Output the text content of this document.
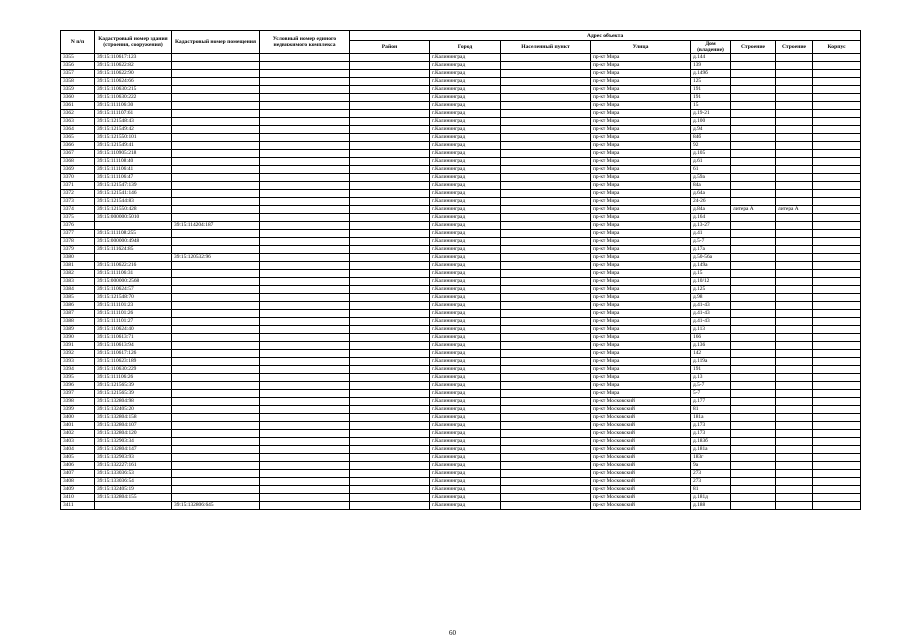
N п/п	Кадастровый номер здания (строения, сооружения)	Кадастровый номер помещения	Условный номер единого недвижимого комплекса	Адрес объекта							
				Район	Город	Населенный пункт	Улица	Дом (владение)	Строение	Строение	Корпус
3355	39:15:110617:123				г.Калининград		пр-кт Мира	д.144			
3356	39:15:110622:82				г.Калининград		пр-кт Мира	139			
3357	39:15:110622:90				г.Калининград		пр-кт Мира	д.149б			
3358	39:15:110624:66				г.Калининград		пр-кт Мира	125			
3359	39:15:110630:215				г.Калининград		пр-кт Мира	191			
3360	39:15:110630:222				г.Калининград		пр-кт Мира	191			
3361	39:15:111106:30				г.Калининград		пр-кт Мира	15			
3362	39:15:111107:61				г.Калининград		пр-кт Мира	д.19-21			
3363	39:15:121548:43				г.Калининград		пр-кт Мира	д.100			
3364	39:15:121549:42				г.Калининград		пр-кт Мира	д.94			
3365	39:15:121550:101				г.Калининград		пр-кт Мира	84б			
3366	39:15:121549:41				г.Калининград		пр-кт Мира	92			
3367	39:15:110905:218				г.Калининград		пр-кт Мира	д.105			
3368	39:15:111108:40				г.Калининград		пр-кт Мира	д.61			
3369	39:15:111106:41				г.Калининград		пр-кт Мира	61			
3370	39:15:111106:47				г.Калининград		пр-кт Мира	д.59а			
3371	39:15:121547:139				г.Калининград		пр-кт Мира	84а			
3372	39:15:121541:146				г.Калининград		пр-кт Мира	д.64а			
3373	39:15:121544:83				г.Калининград		пр-кт Мира	24-26			
3374	39:15:121550:428				г.Калининград		пр-кт Мира	д.84а	литера А	литера А	
3375	39:15:000000:5010				г.Калининград		пр-кт Мира	д.164			
3376		39:15:114204:187			г.Калининград		пр-кт Мира	д.13-27			
3377	39:15:111108:255				г.Калининград		пр-кт Мира	д.41			
3378	39:15:000000:4948				г.Калининград		пр-кт Мира	д.5-7			
3379	39:15:111624:85				г.Калининград		пр-кт Мира	д.17а			
3380		39:15:120532:96			г.Калининград		пр-кт Мира	д.50-56а			
3381	39:15:110622:216				г.Калининград		пр-кт Мира	д.149а			
3382	39:15:111106:31				г.Калининград		пр-кт Мира	д.15			
3383	39:15:000000:2568				г.Калининград		пр-кт Мира	д.10/12			
3384	39:15:110624:57				г.Калининград		пр-кт Мира	д.125			
3385	39:15:121548:70				г.Калининград		пр-кт Мира	д.98			
3386	39:15:111101:23				г.Калининград		пр-кт Мира	д.41-43			
3387	39:15:111101:26				г.Калининград		пр-кт Мира	д.41-43			
3388	39:15:111101:27				г.Калининград		пр-кт Мира	д.41-43			
3389	39:15:110624:40				г.Калининград		пр-кт Мира	д.113			
3390	39:15:110613:71				г.Калининград		пр-кт Мира	166			
3391	39:15:110613:94				г.Калининград		пр-кт Мира	д.136			
3392	39:15:110617:126				г.Калининград		пр-кт Мира	142			
3393	39:15:110623:189				г.Калининград		пр-кт Мира	д.119а			
3394	39:15:110630:229				г.Калининград		пр-кт Мира	191			
3395	39:15:111106:26				г.Калининград		пр-кт Мира	д.13			
3396	39:15:121565:39				г.Калининград		пр-кт Мира	д.5-7			
3397	39:15:121565:39				г.Калининград		пр-кт Мира	5-7			
3398	39:15:132804:98				г.Калининград		пр-кт Московский	д.177			
3399	39:15:132405:20				г.Калининград		пр-кт Московский	81			
3400	39:15:132804:158				г.Калининград		пр-кт Московский	181а			
3401	39:15:132804:107				г.Калининград		пр-кт Московский	д.173			
3402	39:15:132804:120				г.Калининград		пр-кт Московский	д.173			
3403	39:15:132903:34				г.Калининград		пр-кт Московский	д.183б			
3404	39:15:132804:147				г.Калининград		пр-кт Московский	д.181а			
3405	39:15:132903:93				г.Калининград		пр-кт Московский	183г			
3406	39:15:132227:161				г.Калининград		пр-кт Московский	9а			
3407	39:15:133036:53				г.Калининград		пр-кт Московский	273			
3408	39:15:133036:54				г.Калининград		пр-кт Московский	273			
3409	39:15:132405:19				г.Калининград		пр-кт Московский	81			
3410	39:15:132804:155				г.Калининград		пр-кт Московский	д.181д			
3411		39:15:132806:645			г.Калининград		пр-кт Московский	д.188			
60
